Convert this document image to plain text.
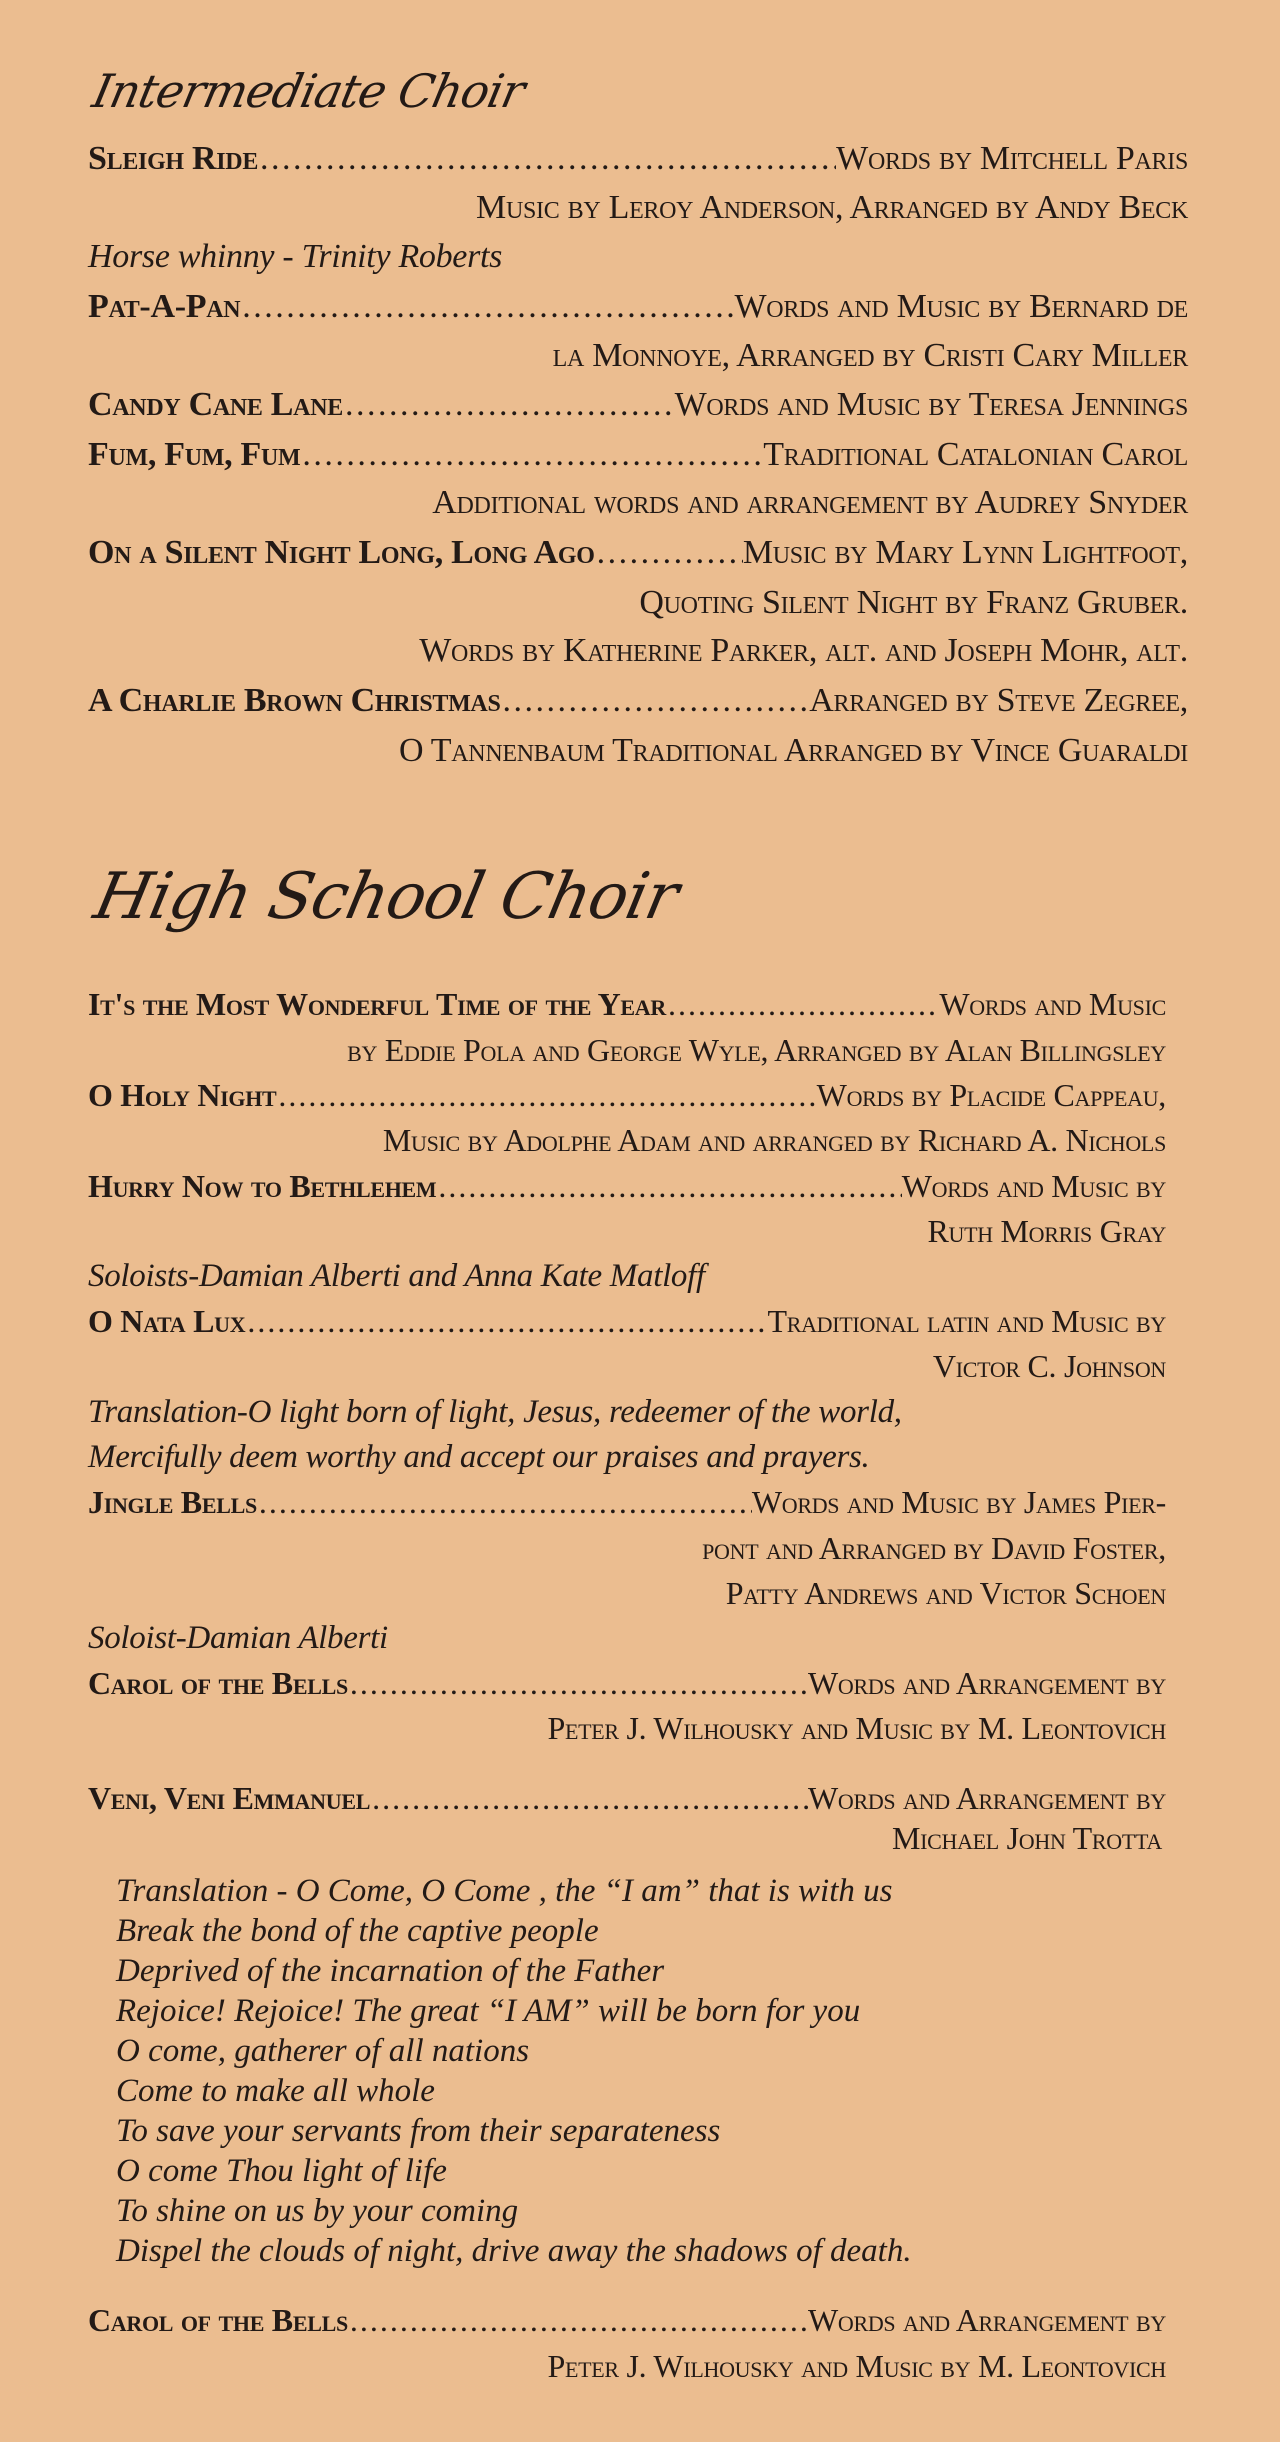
Intermediate Choir
Sleigh Ride . . .	Words by Mitchell Paris
Music by Leroy Anderson, Arranged by Andy Beck
Horse whinny - Trinity Roberts
Pat-A-Pan . . .	Words and Music by Bernard de
la Monnoye, Arranged by Cristi Cary Miller
Candy Cane Lane . . .	Words and Music by Teresa Jennings
Fum, Fum, Fum . . .	Traditional Catalonian Carol
Additional words and arrangement by Audrey Snyder
On a Silent Night Long, Long Ago . . .	Music by Mary Lynn Lightfoot,
Quoting Silent Night by Franz Gruber.
Words by Katherine Parker, alt. and Joseph Mohr, alt.
A Charlie Brown Christmas . . .	Arranged by Steve Zegree,
O Tannenbaum Traditional Arranged by Vince Guaraldi
High School Choir
It's the Most Wonderful Time of the Year . . .	Words and Music
by Eddie Pola and George Wyle, Arranged by Alan Billingsley
O Holy Night . . .	Words by Placide Cappeau,
Music by Adolphe Adam and arranged by Richard A. Nichols
Hurry Now to Bethlehem . . .	Words and Music by
Ruth Morris Gray
Soloists-Damian Alberti and Anna Kate Matloff
O Nata Lux . . .	Traditional latin and Music by
Victor C. Johnson
Translation-O light born of light, Jesus, redeemer of the world,
Mercifully deem worthy and accept our praises and prayers.
Jingle Bells . . .	Words and Music by James Pier-
pont and Arranged by David Foster,
Patty Andrews and Victor Schoen
Soloist-Damian Alberti
Carol of the Bells . . .	Words and Arrangement by
Peter J. Wilhousky and Music by M. Leontovich
Veni, Veni Emmanuel . . .	Words and Arrangement by
Michael John Trotta
Translation - O Come, O Come , the “I am” that is with us
Break the bond of the captive people
Deprived of the incarnation of the Father
Rejoice! Rejoice! The great “I AM” will be born for you
O come, gatherer of all nations
Come to make all whole
To save your servants from their separateness
O come Thou light of life
To shine on us by your coming
Dispel the clouds of night, drive away the shadows of death.
Carol of the Bells . . .	Words and Arrangement by
Peter J. Wilhousky and Music by M. Leontovich
